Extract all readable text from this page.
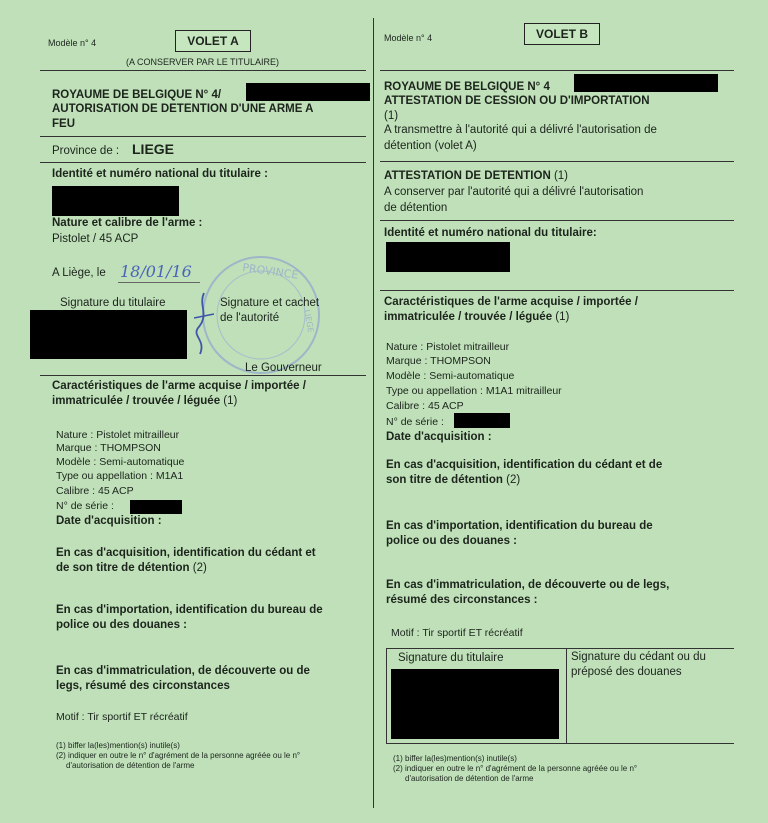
Modèle n° 4	VOLET A
(A CONSERVER PAR LE TITULAIRE)
ROYAUME DE BELGIQUE N° 4/
AUTORISATION DE DETENTION D'UNE ARME A
FEU
Province de : LIEGE
Identité et numéro national du titulaire :
Nature et calibre de l'arme :
Pistolet / 45 ACP
PROVINCE
LIEGE
A Liège, le 18/01/16
Signature du titulaire	Signature et cachet
de l'autorité
Le Gouverneur
Caractéristiques de l'arme acquise / importée /
immatriculée / trouvée / léguée (1)
Nature : Pistolet mitrailleur
Marque : THOMPSON
Modèle : Semi-automatique
Type ou appellation : M1A1
Calibre : 45 ACP
N° de série :
Date d'acquisition :
En cas d'acquisition, identification du cédant et
de son titre de détention (2)
En cas d'importation, identification du bureau de
police ou des douanes :
En cas d'immatriculation, de découverte ou de
legs, résumé des circonstances
Motif : Tir sportif ET récréatif
(1) biffer la(les)mention(s) inutile(s)
(2) indiquer en outre le n° d'agrément de la personne agréée ou le n°
d'autorisation de détention de l'arme
Modèle n° 4	VOLET B
ROYAUME DE BELGIQUE N° 4
ATTESTATION DE CESSION OU D'IMPORTATION
(1)
A transmettre à l'autorité qui a délivré l'autorisation de
détention (volet A)
ATTESTATION DE DETENTION (1)
A conserver par l'autorité qui a délivré l'autorisation
de détention
Identité et numéro national du titulaire:
Caractéristiques de l'arme acquise / importée /
immatriculée / trouvée / léguée (1)
Nature : Pistolet mitrailleur
Marque : THOMPSON
Modèle : Semi-automatique
Type ou appellation : M1A1 mitrailleur
Calibre : 45 ACP
N° de série :
Date d'acquisition :
En cas d'acquisition, identification du cédant et de
son titre de détention (2)
En cas d'importation, identification du bureau de
police ou des douanes :
En cas d'immatriculation, de découverte ou de legs,
résumé des circonstances :
Motif : Tir sportif ET récréatif
Signature du titulaire	Signature du cédant ou du
préposé des douanes
(1) biffer la(les)mention(s) inutile(s)
(2) indiquer en outre le n° d'agrément de la personne agréée ou le n°
d'autorisation de détention de l'arme
